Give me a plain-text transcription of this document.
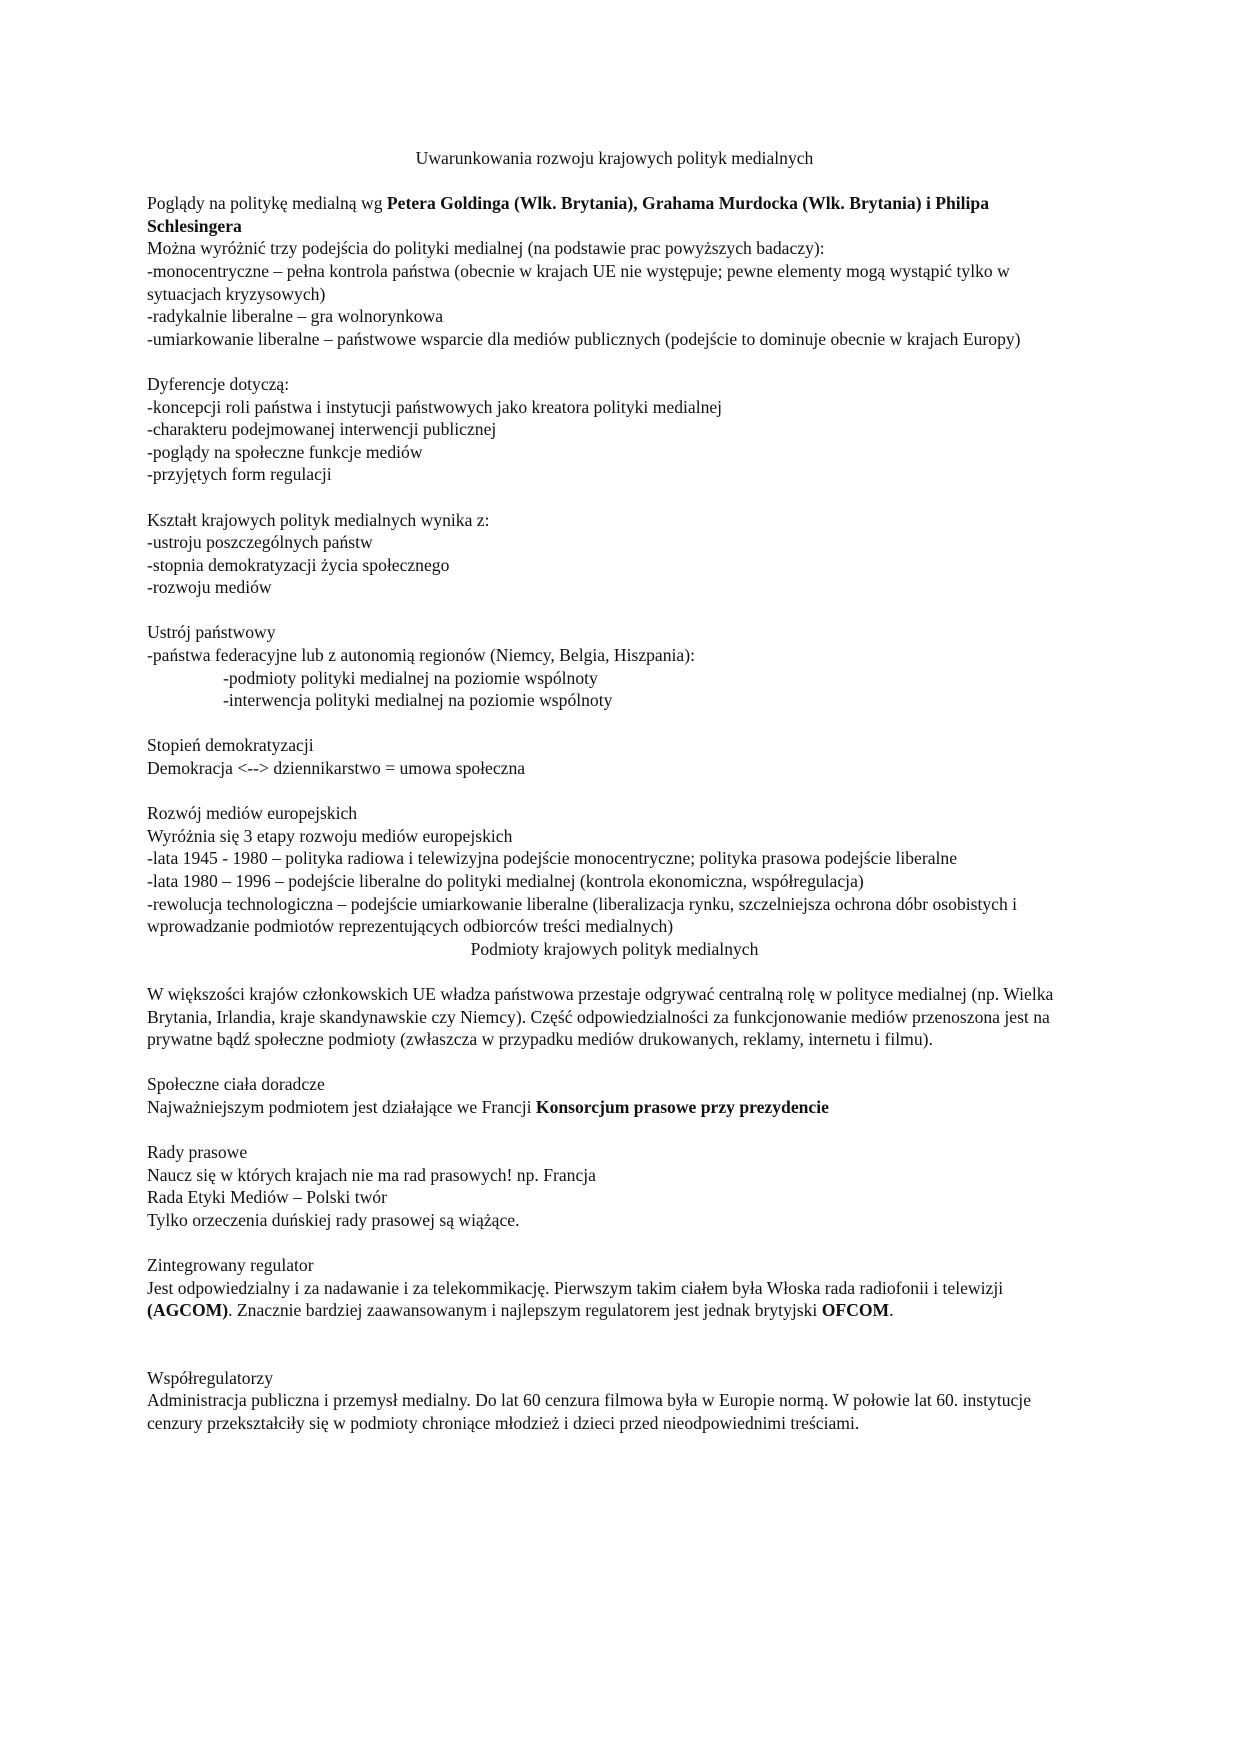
Uwarunkowania rozwoju krajowych polityk medialnych
Poglądy na politykę medialną wg Petera Goldinga (Wlk. Brytania), Grahama Murdocka (Wlk. Brytania) i Philipa Schlesingera
Można wyróżnić trzy podejścia do polityki medialnej (na podstawie prac powyższych badaczy):
-monocentryczne – pełna kontrola państwa (obecnie w krajach UE nie występuje; pewne elementy mogą wystąpić tylko w sytuacjach kryzysowych)
-radykalnie liberalne – gra wolnorynkowa
-umiarkowanie liberalne – państwowe wsparcie dla mediów publicznych (podejście to dominuje obecnie w krajach Europy)
Dyferencje dotyczą:
-koncepcji roli państwa i instytucji państwowych jako kreatora polityki medialnej
-charakteru podejmowanej interwencji publicznej
-poglądy na społeczne funkcje mediów
-przyjętych form regulacji
Kształt krajowych polityk medialnych wynika z:
-ustroju poszczególnych państw
-stopnia demokratyzacji życia społecznego
-rozwoju mediów
Ustrój państwowy
-państwa federacyjne lub z autonomią regionów (Niemcy, Belgia, Hiszpania):
-podmioty polityki medialnej na poziomie wspólnoty
-interwencja polityki medialnej na poziomie wspólnoty
Stopień demokratyzacji
Demokracja <--> dziennikarstwo = umowa społeczna
Rozwój mediów europejskich
Wyróżnia się 3 etapy rozwoju mediów europejskich
-lata 1945 - 1980 – polityka radiowa i telewizyjna podejście monocentryczne; polityka prasowa podejście liberalne
-lata 1980 – 1996 – podejście liberalne do polityki medialnej (kontrola ekonomiczna, współregulacja)
-rewolucja technologiczna – podejście umiarkowanie liberalne (liberalizacja rynku, szczelniejsza ochrona dóbr osobistych i wprowadzanie podmiotów reprezentujących odbiorców treści medialnych)
Podmioty krajowych polityk medialnych
W większości krajów członkowskich UE władza państwowa przestaje odgrywać centralną rolę w polityce medialnej (np. Wielka Brytania, Irlandia, kraje skandynawskie czy Niemcy). Część odpowiedzialności za funkcjonowanie mediów przenoszona jest na prywatne bądź społeczne podmioty (zwłaszcza w przypadku mediów drukowanych, reklamy, internetu i filmu).
Społeczne ciała doradcze
Najważniejszym podmiotem jest działające we Francji Konsorcjum prasowe przy prezydencie
Rady prasowe
Naucz się w których krajach nie ma rad prasowych! np. Francja
Rada Etyki Mediów – Polski twór
Tylko orzeczenia duńskiej rady prasowej są wiążące.
Zintegrowany regulator
Jest odpowiedzialny i za nadawanie i za telekommikację. Pierwszym takim ciałem była Włoska rada radiofonii i telewizji (AGCOM). Znacznie bardziej zaawansowanym i najlepszym regulatorem jest jednak brytyjski OFCOM.
Współregulatorzy
Administracja publiczna i przemysł medialny. Do lat 60 cenzura filmowa była w Europie normą. W połowie lat 60. instytucje cenzury przekształciły się w podmioty chroniące młodzież i dzieci przed nieodpowiednimi treściami.
